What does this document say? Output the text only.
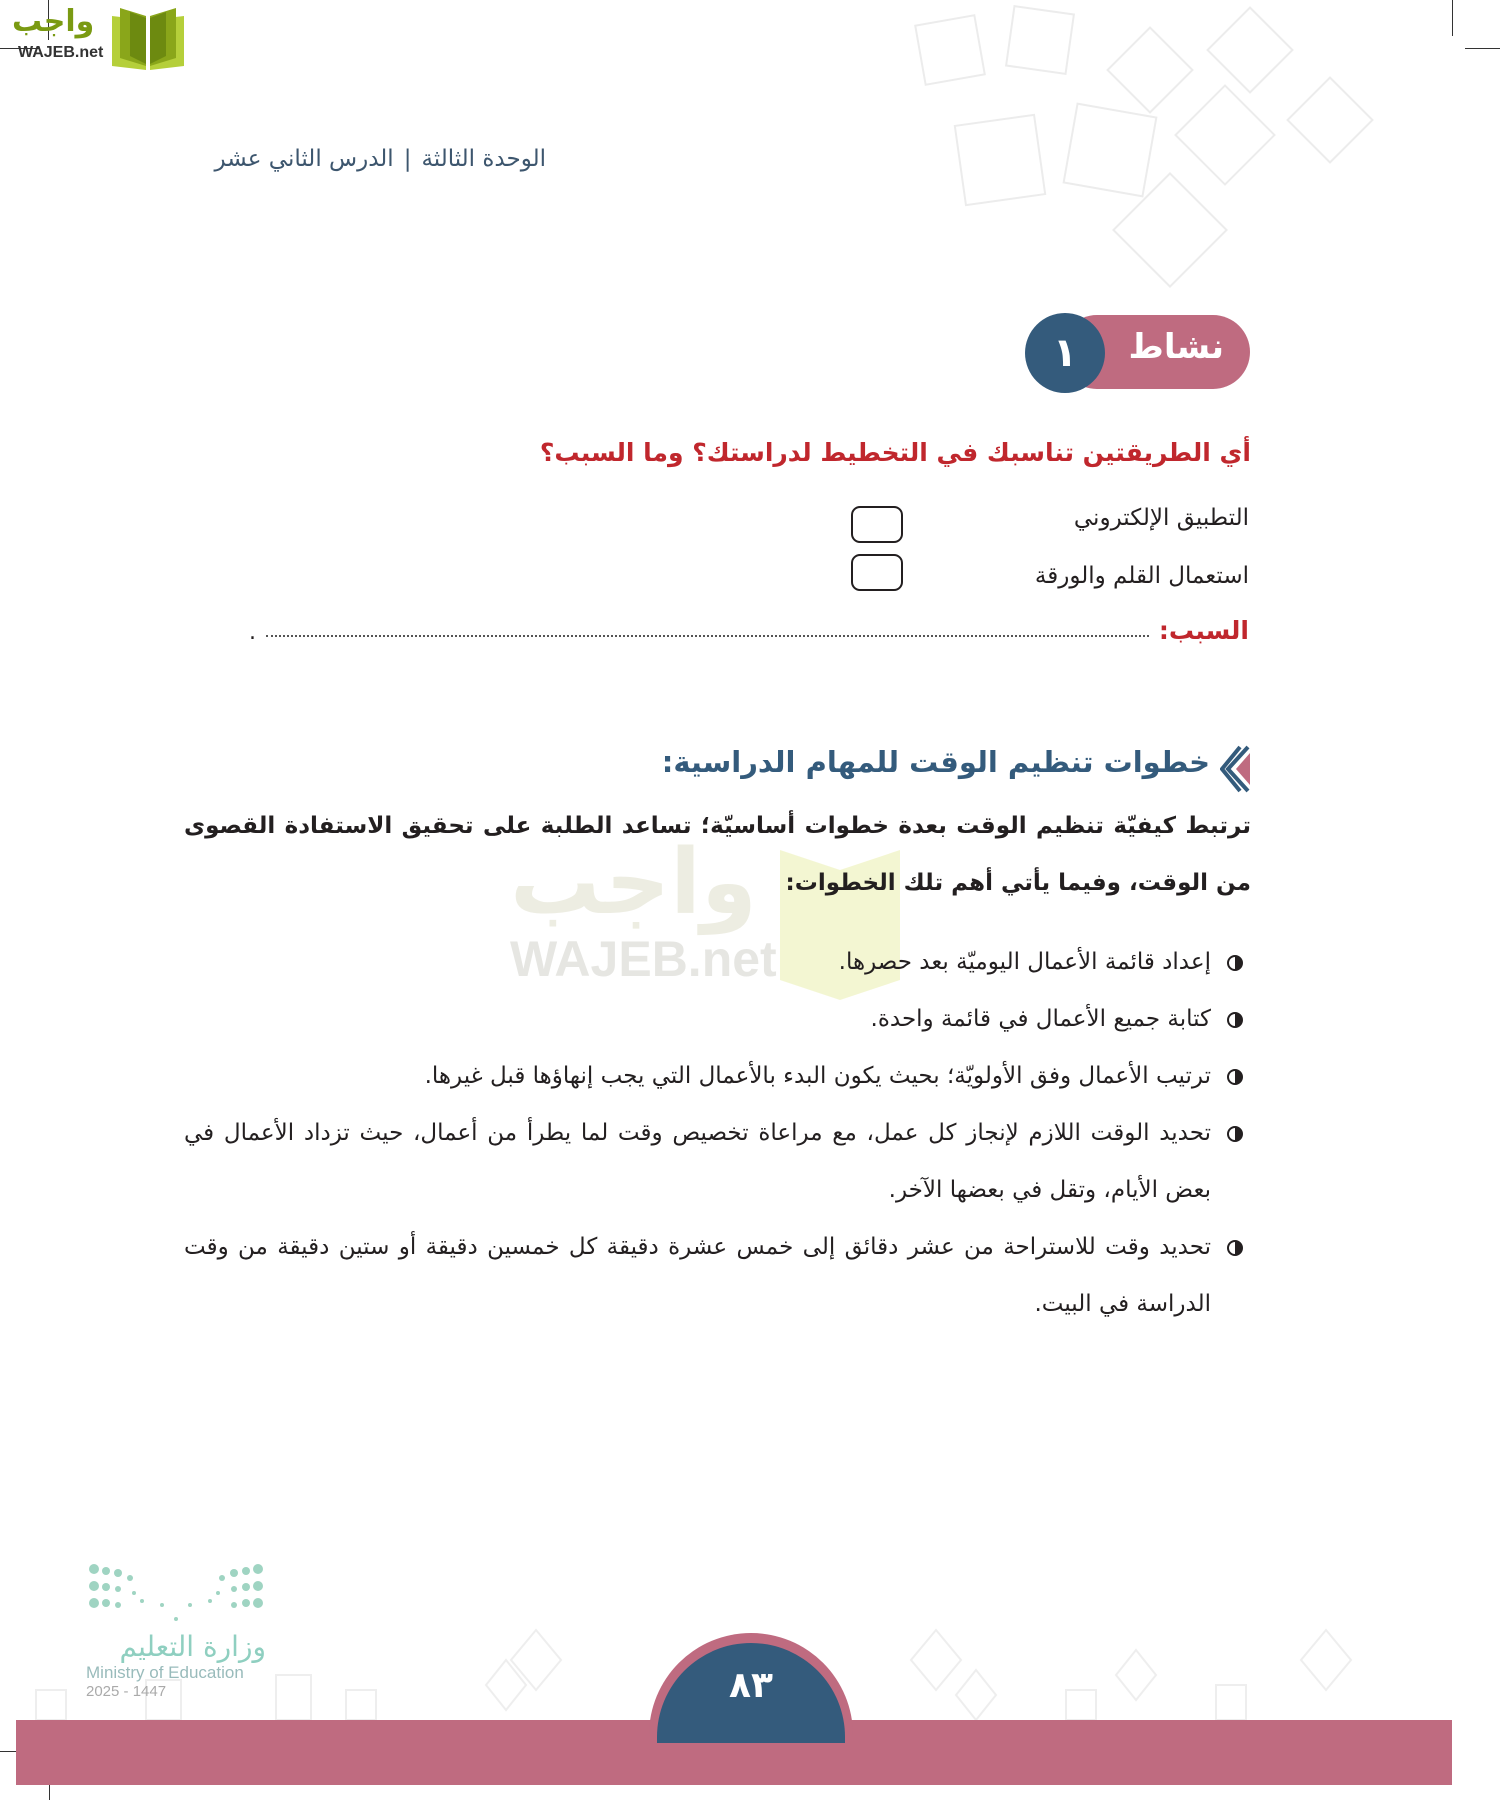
واجب
WAJEB.net
الوحدة الثالثة|الدرس الثاني عشر
نشاط
١
أي الطريقتين تناسبك في التخطيط لدراستك؟ وما السبب؟
التطبيق الإلكتروني
استعمال القلم والورقة
السبب:
.
واجب
WAJEB.net
خطوات تنظيم الوقت للمهام الدراسية:
ترتبط كيفيّة تنظيم الوقت بعدة خطوات أساسيّة؛ تساعد الطلبة على تحقيق الاستفادة القصوى من الوقت، وفيما يأتي أهم تلك الخطوات:
إعداد قائمة الأعمال اليوميّة بعد حصرها.
كتابة جميع الأعمال في قائمة واحدة.
ترتيب الأعمال وفق الأولويّة؛ بحيث يكون البدء بالأعمال التي يجب إنهاؤها قبل غيرها.
تحديد الوقت اللازم لإنجاز كل عمل، مع مراعاة تخصيص وقت لما يطرأ من أعمال، حيث تزداد الأعمال في بعض الأيام، وتقل في بعضها الآخر.
تحديد وقت للاستراحة من عشر دقائق إلى خمس عشرة دقيقة كل خمسين دقيقة أو ستين دقيقة من وقت الدراسة في البيت.
٨٣
وزارة التعليم
Ministry of Education
2025 - 1447
